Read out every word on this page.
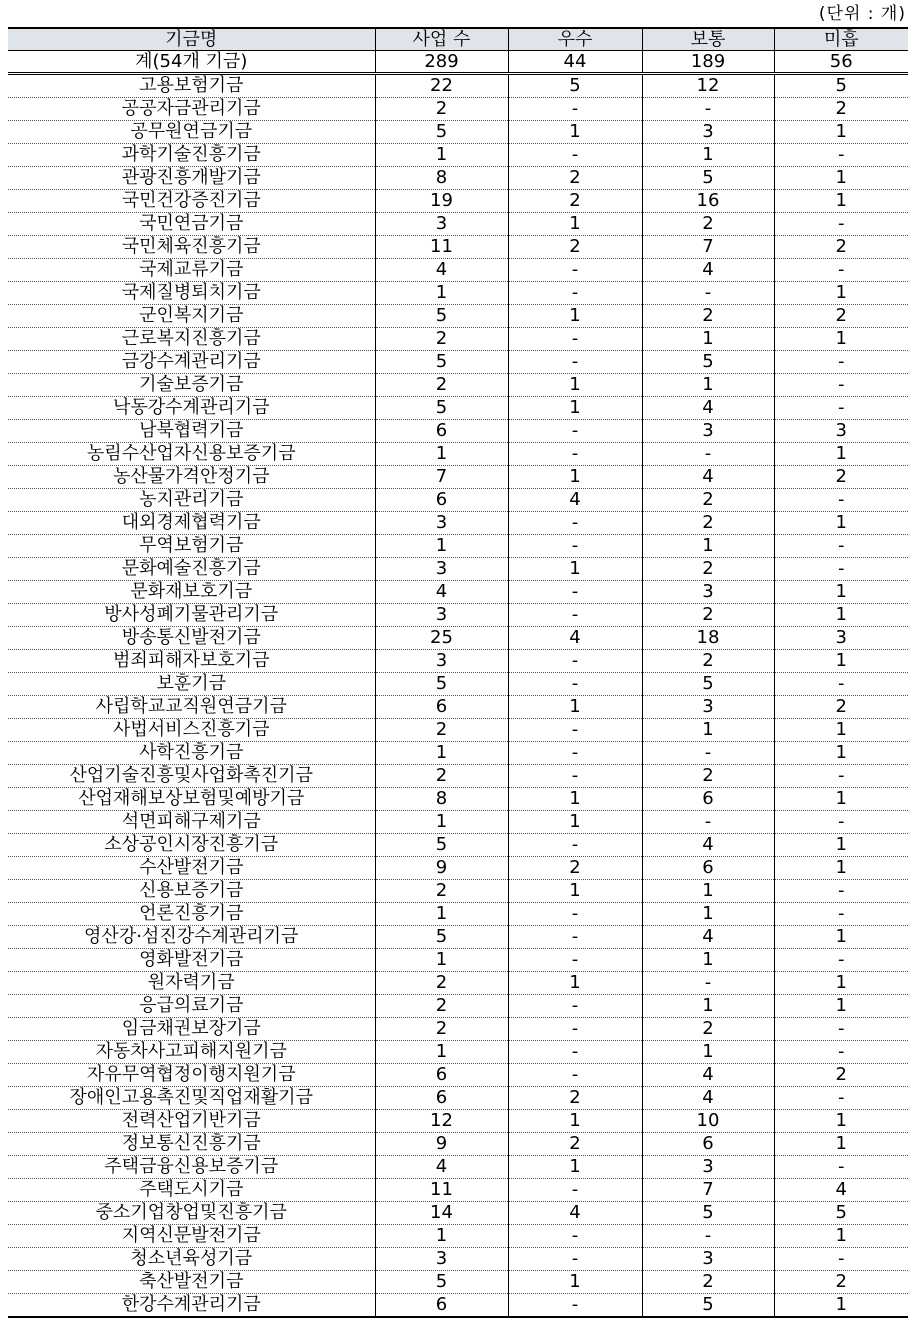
(단위 : 개)
기금명	사업 수	우수	보통	미흡
계(54개 기금)	289	44	189	56
고용보험기금	22	5	12	5
공공자금관리기금	2	-	-	2
공무원연금기금	5	1	3	1
과학기술진흥기금	1	-	1	-
관광진흥개발기금	8	2	5	1
국민건강증진기금	19	2	16	1
국민연금기금	3	1	2	-
국민체육진흥기금	11	2	7	2
국제교류기금	4	-	4	-
국제질병퇴치기금	1	-	-	1
군인복지기금	5	1	2	2
근로복지진흥기금	2	-	1	1
금강수계관리기금	5	-	5	-
기술보증기금	2	1	1	-
낙동강수계관리기금	5	1	4	-
남북협력기금	6	-	3	3
농림수산업자신용보증기금	1	-	-	1
농산물가격안정기금	7	1	4	2
농지관리기금	6	4	2	-
대외경제협력기금	3	-	2	1
무역보험기금	1	-	1	-
문화예술진흥기금	3	1	2	-
문화재보호기금	4	-	3	1
방사성폐기물관리기금	3	-	2	1
방송통신발전기금	25	4	18	3
범죄피해자보호기금	3	-	2	1
보훈기금	5	-	5	-
사립학교교직원연금기금	6	1	3	2
사법서비스진흥기금	2	-	1	1
사학진흥기금	1	-	-	1
산업기술진흥및사업화촉진기금	2	-	2	-
산업재해보상보험및예방기금	8	1	6	1
석면피해구제기금	1	1	-	-
소상공인시장진흥기금	5	-	4	1
수산발전기금	9	2	6	1
신용보증기금	2	1	1	-
언론진흥기금	1	-	1	-
영산강·섬진강수계관리기금	5	-	4	1
영화발전기금	1	-	1	-
원자력기금	2	1	-	1
응급의료기금	2	-	1	1
임금채권보장기금	2	-	2	-
자동차사고피해지원기금	1	-	1	-
자유무역협정이행지원기금	6	-	4	2
장애인고용촉진및직업재활기금	6	2	4	-
전력산업기반기금	12	1	10	1
정보통신진흥기금	9	2	6	1
주택금융신용보증기금	4	1	3	-
주택도시기금	11	-	7	4
중소기업창업및진흥기금	14	4	5	5
지역신문발전기금	1	-	-	1
청소년육성기금	3	-	3	-
축산발전기금	5	1	2	2
한강수계관리기금	6	-	5	1
